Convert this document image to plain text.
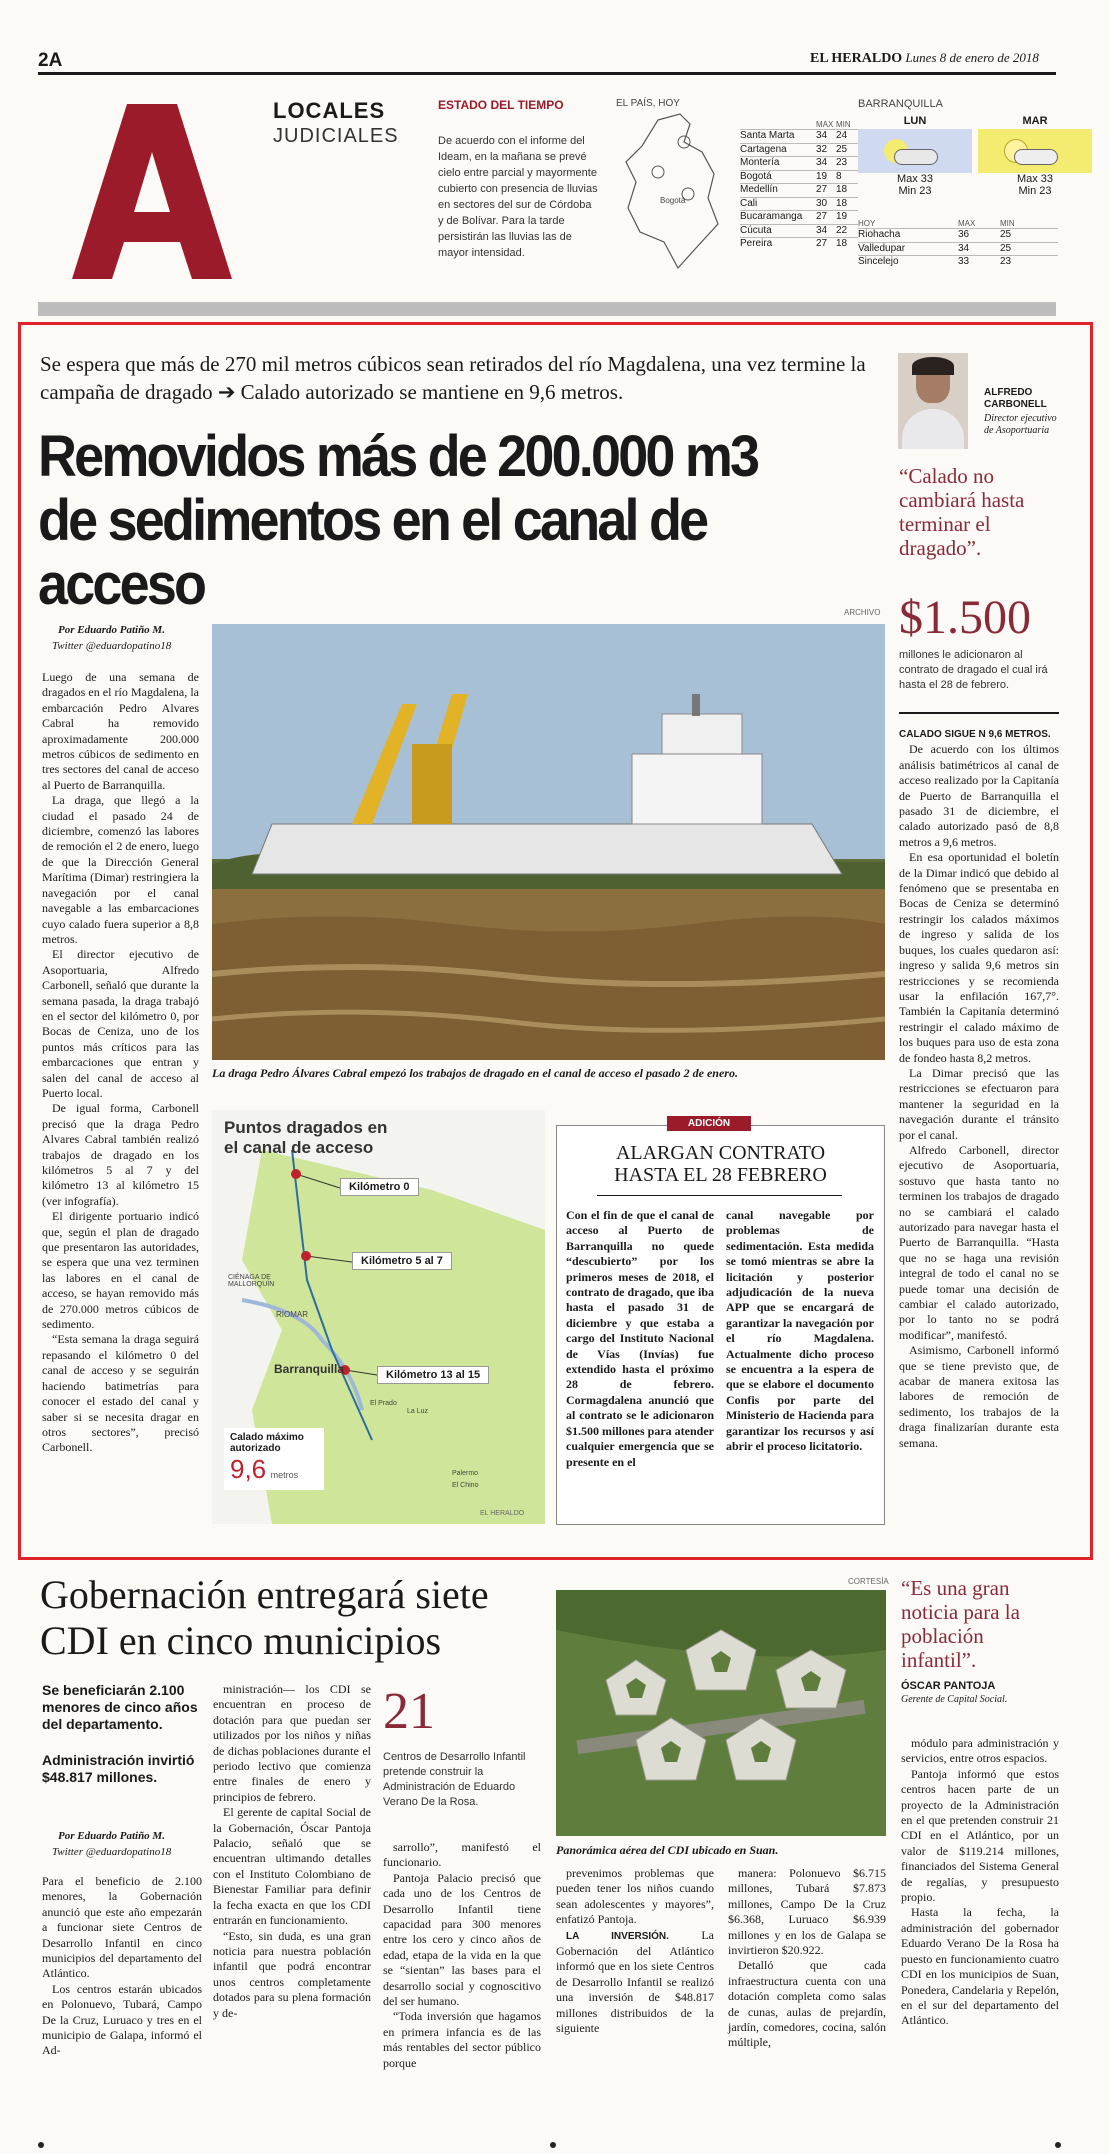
2A	EL HERALDO Lunes 8 de enero de 2018
LOCALES
JUDICIALES
ESTADO DEL TIEMPO
De acuerdo con el informe del Ideam, en la mañana se prevé cielo entre parcial y mayormente cubierto con presencia de lluvias en sectores del sur de Córdoba y de Bolívar. Para la tarde persistirán las lluvias las de mayor intensidad.
EL PAÍS, HOY
Bogotá
MAX MIN
Santa Marta	34 24
Cartagena	32 25
Montería	34 23
Bogotá	19 8
Medellín	27 18
Cali	30 18
Bucaramanga	27 19
Cúcuta	34 22
Pereira	27 18
BARRANQUILLA
LUN
Max 33
Min 23
MAR
Max 33
Min 23
HOY	MAX	MIN
Riohacha	36	25
Valledupar	34	25
Sincelejo	33	23
Se espera que más de 270 mil metros cúbicos sean retirados del río Magdalena, una vez termine la campaña de dragado ➔ Calado autorizado se mantiene en 9,6 metros.
Removidos más de 200.000 m3 de sedimentos en el canal de acceso
ALFREDO
CARBONELL
Director ejecutivo de Asoportuaria
“Calado no cambiará hasta terminar el dragado”.
ARCHIVO $1.500
millones le adicionaron al contrato de dragado el cual irá hasta el 28 de febrero.
Por Eduardo Patiño M.
Twitter @eduardopatino18

Luego de una semana de dragados en el río Magdalena, la embarcación Pedro Alvares Cabral ha removido aproximadamente 200.000 metros cúbicos de sedimento en tres sectores del canal de acceso al Puerto de Barranquilla.

La draga, que llegó a la ciudad el pasado 24 de diciembre, comenzó las labores de remoción el 2 de enero, luego de que la Dirección General Marítima (Dimar) restringiera la navegación por el canal navegable a las embarcaciones cuyo calado fuera superior a 8,8 metros.

El director ejecutivo de Asoportuaria, Alfredo Carbonell, señaló que durante la semana pasada, la draga trabajó en el sector del kilómetro 0, por Bocas de Ceniza, uno de los puntos más críticos para las embarcaciones que entran y salen del canal de acceso al Puerto local.

De igual forma, Carbonell precisó que la draga Pedro Alvares Cabral también realizó trabajos de dragado en los kilómetros 5 al 7 y del kilómetro 13 al kilómetro 15 (ver infografía).

El dirigente portuario indicó que, según el plan de dragado que presentaron las autoridades, se espera que una vez terminen las labores en el canal de acceso, se hayan removido más de 270.000 metros cúbicos de sedimento.

“Esta semana la draga seguirá repasando el kilómetro 0 del canal de acceso y se seguirán haciendo batimetrías para conocer el estado del canal y saber si se necesita dragar en otros sectores”, precisó Carbonell.

La draga Pedro Álvares Cabral empezó los trabajos de dragado en el canal de acceso el pasado 2 de enero.
Puntos dragados en
el canal de acceso
Kilómetro 0
Kilómetro 5 al 7
Kilómetro 13 al 15
CIÉNAGA DE MALLORQUÍN
RIOMAR
Barranquilla
El Prado
La Luz
Palermo
El Chino
Calado máximo
autorizado
9,6 metros
EL HERALDO
ADICIÓN
ALARGAN CONTRATO
HASTA EL 28 FEBRERO
Con el fin de que el canal de acceso al Puerto de Barranquilla no quede “descubierto” por los primeros meses de 2018, el contrato de dragado, que iba hasta el pasado 31 de diciembre y que estaba a cargo del Instituto Nacional de Vías (Invías) fue extendido hasta el próximo 28 de febrero. Cormagdalena anunció que al contrato se le adicionaron $1.500 millones para atender cualquier emergencia que se presente en el
canal navegable por problemas de sedimentación. Esta medida se tomó mientras se abre la licitación y posterior adjudicación de la nueva APP que se encargará de garantizar la navegación por el río Magdalena. Actualmente dicho proceso se encuentra a la espera de que se elabore el documento Confis por parte del Ministerio de Hacienda para garantizar los recursos y así abrir el proceso licitatorio.

CALADO SIGUE N 9,6 METROS.

De acuerdo con los últimos análisis batimétricos al canal de acceso realizado por la Capitanía de Puerto de Barranquilla el pasado 31 de diciembre, el calado autorizado pasó de 8,8 metros a 9,6 metros.

En esa oportunidad el boletín de la Dimar indicó que debido al fenómeno que se presentaba en Bocas de Ceniza se determinó restringir los calados máximos de ingreso y salida de los buques, los cuales quedaron así: ingreso y salida 9,6 metros sin restricciones y se recomienda usar la enfilación 167,7°. También la Capitanía determinó restringir el calado máximo de los buques para uso de esta zona de fondeo hasta 8,2 metros.

La Dimar precisó que las restricciones se efectuaron para mantener la seguridad en la navegación durante el tránsito por el canal.

Alfredo Carbonell, director ejecutivo de Asoportuaria, sostuvo que hasta tanto no terminen los trabajos de dragado no se cambiará el calado autorizado para navegar hasta el Puerto de Barranquilla. “Hasta que no se haga una revisión integral de todo el canal no se puede tomar una decisión de cambiar el calado autorizado, por lo tanto no se podrá modificar”, manifestó.

Asimismo, Carbonell informó que se tiene previsto que, de acabar de manera exitosa las labores de remoción de sedimento, los trabajos de la draga finalizarían durante esta semana.

Gobernación entregará siete CDI en cinco municipios
Se beneficiarán 2.100 menores de cinco años del departamento.
Administración invirtió $48.817 millones.
Por Eduardo Patiño M.
Twitter @eduardopatino18

Para el beneficio de 2.100 menores, la Gobernación anunció que este año empezarán a funcionar siete Centros de Desarrollo Infantil en cinco municipios del departamento del Atlántico.

Los centros estarán ubicados en Polonuevo, Tubará, Campo De la Cruz, Luruaco y tres en el municipio de Galapa, informó el Ad-

ministración— los CDI se encuentran en proceso de dotación para que puedan ser utilizados por los niños y niñas de dichas poblaciones durante el periodo lectivo que comienza entre finales de enero y principios de febrero.

El gerente de capital Social de la Gobernación, Óscar Pantoja Palacio, señaló que se encuentran ultimando detalles con el Instituto Colombiano de Bienestar Familiar para definir la fecha exacta en que los CDI entrarán en funcionamiento.

“Esto, sin duda, es una gran noticia para nuestra población infantil que podrá encontrar unos centros completamente dotados para su plena formación y de-

21
Centros de Desarrollo Infantil pretende construir la Administración de Eduardo Verano De la Rosa.

sarrollo”, manifestó el funcionario.

Pantoja Palacio precisó que cada uno de los Centros de Desarrollo Infantil tiene capacidad para 300 menores entre los cero y cinco años de edad, etapa de la vida en la que se “sientan” las bases para el desarrollo social y cognoscitivo del ser humano.

“Toda inversión que hagamos en primera infancia es de las más rentables del sector público porque

CORTESÍA
Panorámica aérea del CDI ubicado en Suan.

prevenimos problemas que pueden tener los niños cuando sean adolescentes y mayores”, enfatizó Pantoja.

LA INVERSIÓN.	La Gobernación del Atlántico informó que en los siete Centros de Desarrollo Infantil se realizó una inversión de $48.817 millones distribuidos de la siguiente

manera: Polonuevo $6.715 millones, Tubará $7.873 millones, Campo De la Cruz $6.368, Luruaco $6.939 millones y en los de Galapa se invirtieron $20.922.

Detalló que cada infraestructura cuenta con una dotación completa como salas de cunas, aulas de prejardín, jardín, comedores, cocina, salón múltiple,

“Es una gran noticia para la población infantil”.
ÓSCAR PANTOJA
Gerente de Capital Social.

módulo para administración y servicios, entre otros espacios.

Pantoja informó que estos centros hacen parte de un proyecto de la Administración en el que pretenden construir 21 CDI en el Atlántico, por un valor de $119.214 millones, financiados del Sistema General de regalías, y presupuesto propio.

Hasta la fecha, la administración del gobernador Eduardo Verano De la Rosa ha puesto en funcionamiento cuatro CDI en los municipios de Suan, Ponedera, Candelaria y Repelón, en el sur del departamento del Atlántico.
